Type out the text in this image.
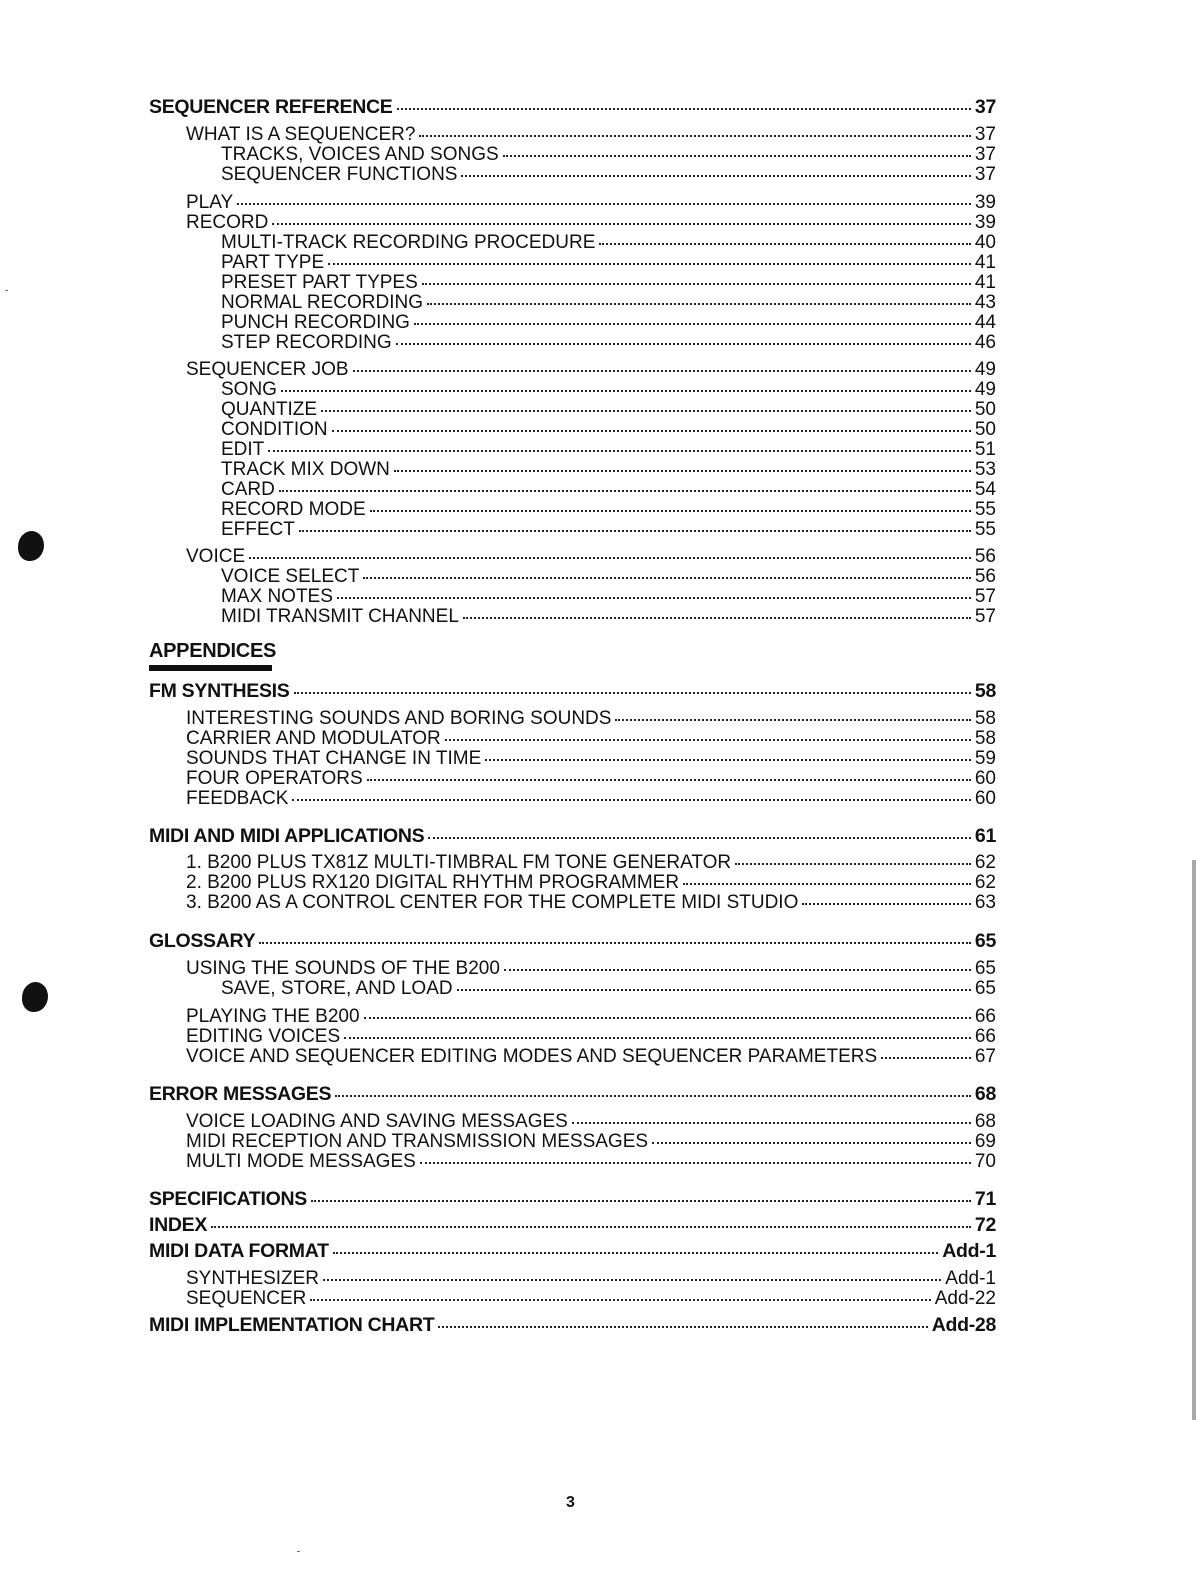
SEQUENCER REFERENCE	37
WHAT IS A SEQUENCER?	37
TRACKS, VOICES AND SONGS	37
SEQUENCER FUNCTIONS	37
PLAY	39
RECORD	39
MULTI-TRACK RECORDING PROCEDURE	40
PART TYPE	41
PRESET PART TYPES	41
NORMAL RECORDING	43
PUNCH RECORDING	44
STEP RECORDING	46
SEQUENCER JOB	49
SONG	49
QUANTIZE	50
CONDITION	50
EDIT	51
TRACK MIX DOWN	53
CARD	54
RECORD MODE	55
EFFECT	55
VOICE	56
VOICE SELECT	56
MAX NOTES	57
MIDI TRANSMIT CHANNEL	57
FM SYNTHESIS	58
INTERESTING SOUNDS AND BORING SOUNDS	58
CARRIER AND MODULATOR	58
SOUNDS THAT CHANGE IN TIME	59
FOUR OPERATORS	60
FEEDBACK	60
MIDI AND MIDI APPLICATIONS	61
1. B200 PLUS TX81Z MULTI-TIMBRAL FM TONE GENERATOR	62
2. B200 PLUS RX120 DIGITAL RHYTHM PROGRAMMER	62
3. B200 AS A CONTROL CENTER FOR THE COMPLETE MIDI STUDIO	63
GLOSSARY	65
USING THE SOUNDS OF THE B200	65
SAVE, STORE, AND LOAD	65
PLAYING THE B200	66
EDITING VOICES	66
VOICE AND SEQUENCER EDITING MODES AND SEQUENCER PARAMETERS	67
ERROR MESSAGES	68
VOICE LOADING AND SAVING MESSAGES	68
MIDI RECEPTION AND TRANSMISSION MESSAGES	69
MULTI MODE MESSAGES	70
SPECIFICATIONS	71
INDEX	72
MIDI DATA FORMAT	Add-1
SYNTHESIZER	Add-1
SEQUENCER	Add-22
MIDI IMPLEMENTATION CHART	Add-28
APPENDICES
3
